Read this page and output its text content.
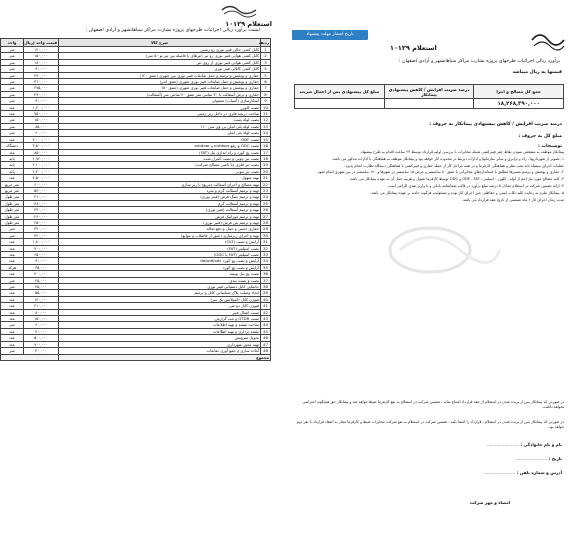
استعلام ۱۰۱۲۹
لیست برآورد ریالی اجرائیات طرحهای پروژه بشارت مراکز سیاهانشهر و آزادی اصفهان :
ردیف	شرح کالا	قیمت واحد (ریال)	واحد
1	کابل کشی خالی فیبر نوری رو زمینی	۱۲۰,۰۰۰	متر
2	کابل کشی هوایی فیبر نوری رو تیر (تیرهای با فاصله بین تیر تو ۵۰ متر)	۱۵۰,۰۰۰	متر
3	کابل کشی هوایی فیبر نوری از روی تیر	۱۸۰,۰۰۰	متر
4	کابل کشی کانالی فیبر نوری	۹۰,۰۰۰	متر
5	حفاری و پوشش و ترمیم و حمل ضایعات فیبر نوری بین شهری (عمق ۱۲۰)	۲۴۰,۰۰۰	متر
6	حفاری و پوشش و حمل ضایعات فیبر نوری شهری (عمق اندر)	۳۱۰,۰۰۰	متر
7	حفاری و پوشش و حمل ضایعات فیبر نوری شهری (عمق ۸۰)	۲۷۵,۰۰۰	متر
8	حفاری و برش آسفالت با ۳۰ سانتی متر عمق ۴۰ سانتی متر (آسفالت)	۲۹۰,۰۰۰	متر
9	آشکارسازی (آسیاب) معمولی	۹۰,۰۰۰	متر
10	نصب کلوزر	۱,۲۰۰,۰۰۰	عدد
11	ساخت دریچه فلزی در داخل زیر زمینی	۷۵۰,۰۰۰	عدد
12	نصب لوله پست	۱۵۰,۰۰۰	متر
13	نصب لوله پلی اتیلن پی وی سی ۱۱۰	۸۵,۰۰۰	متر
14	نصب لوله پلی اتیلن	۶۰,۰۰۰	متر
15	نصب ODF	۲,۰۰۰,۰۰۰	عدد
16	نصب ODC و رفع outdoor و outdoor	۳,۵۰۰,۰۰۰	دستگاه
17	نصب پچ کورد و راه اندازی پنل (FAT)	۸۵۰,۰۰۰	عدد
18	نصب تیر چوبی و نصب کنترل شده	۱,۹۲۰,۰۰۰	پایه
19	نصب تیر فلزی (با تامین مصالح شرکت)	۲,۱۰۰,۰۰۰	پایه
20	نصب تیر بتونی	۲,۴۰۰,۰۰۰	پایه
21	تهیه منهول	۴,۵۰۰,۰۰۰	عدد
22	تهیه مصالح و اجرای آسفالت (مربع) یا زیر سازی	۶۰۰,۰۰۰	متر مربع
23	تهیه و ترمیم آسفالت گرم و سرد	۵۲۰,۰۰۰	متر مربع
24	تهیه و ترمیم سنگ فرش (فیبر نوری)	۲۱۰,۰۰۰	متر طول
25	تهیه و ترمیم آسفالت گرم	۴۸۰,۰۰۰	متر طول
26	تهیه و ترمیم آسفالت (فیبر نوری)	۲۳۰,۰۰۰	متر طول
27	تهیه و ترمیم موزاییک فرش	۲۶۰,۰۰۰	متر طول
28	تهیه و ترمیم بتن فرش (فیبر نوری)	۲۵۰,۰۰۰	متر طول
29	حفاری دستی و حمل و دفع نخاله	۳۲۰,۰۰۰	متر
30	تهیه و اجرای زیرسازی (عبور از فاضلاب و موانع)	۴۲۰,۰۰۰	متر
31	آرایش و نصب (OLT)	۱,۸۰۰,۰۰۰	عدد
32	نصب اسپلیتر (FAT)	۷۰۰,۰۰۰	عدد
33	نصب اسپلیتر (FAT یا ODC)	۶۵۰,۰۰۰	عدد
34	آرایش و نصب پچ کورد fat/odf/odc	۹۰,۰۰۰	عدد
35	آرایش و نصب پچ کورد	۳۵,۰۰۰	هرکد
36	نصب پچ پنل بوبینه	۴۰۰,۰۰۰	عدد
37	نصب و بست بندی	۲۵,۰۰۰	متر
38	جانمایی کابل دستیابی فیبر نوری	۴۵,۰۰۰	متر
39	ایجاد وصلت پلاک شناسایی کابل و ترمیم	۵۵,۰۰۰	عدد
40	فیوژن کابل (اسپلایس یک سر)	۱۲۰,۰۰۰	عدد
41	فیوژن کابل دو سر	۲۱۰,۰۰۰	عدد
42	تست اتصال فیبر	۸۰,۰۰۰	عدد
43	تست OTDR و ثبت گزارش	۱۵۰,۰۰۰	عدد
44	ساخت نقشه و تهیه اطلاعات	۶۰,۰۰۰	متر
45	نقشه برداری و تهیه اطلاعات	۷۰,۰۰۰	عدد
46	تحویل سرویس	۵۰۰,۰۰۰	عدد
47	تهیه مجوز شهرداری	۹۰۰,۰۰۰	عدد
48	آماده سازی و جمع آوری ضایعات	۴۰,۰۰۰	متر
مجموع			
تاریخ انتشار مهلت پیشنهاد
استعلام ۱۰۱۲۹
برآورد ریالی اجرائیات طرحهای پروژه بشارت مراکز سیاهانشهر و آزادی اصفهان :
قیمتها به ریال میباشد
جمع کل مصالح و اجرا	درصد ضریب افزایش / کاهش پیشنهادی پیمانکار	مبلغ کل پیشنهادی پس از اعمال ضریب
۱۸,۲۶۸,۳۹۰,۰۰۰		
درصد ضریب افزایش / کاهش پیشنهادی پیمانکار به حروف :
مبلغ کل به حروف :
توضیحات :

پیمانکار موظف به مشخص نمودن نقاط حفر فیبرکشی شبکه مخابرات با بررسی اولیه قرارداد توسط ۲۴ ساعت اقدام به طرح پیشنهاد.

۱- تصویر از شهرداریها ، راه و ترابری و سایر سازمانها و ادارات ذیربط در محدوده کار خواهد بود و پیمانکار موظف به هماهنگی با ادارات مذکور می باشد.

عملیات اجرای سیفیلد باید تحت نظر و هماهنگی کارفرما و در همه مراحل کار از جمله حفاری و فیبرکشی با هماهنگی دستگاه نظارت انجام پذیرد.

۲- حفاری و پوشش و ترمیم مسیرها مطابق با استانداردهای مخابراتی با عمق ۸۰ سانتیمتر و عرض ۱۵ سانتیمتر در شهرها و ۱۲۰ سانتیمتر در بین شهری انجام شود.

۳- کلیه مصالح مورد نیاز اعم از لوله ، کلوزر ، اسپلیتر ، ODF ، FAT و ODC توسط کارفرما تحویل و هزینه حمل آن به عهده پیمانکار می باشد.

۴- ارائه تضمین شرکت در استعلام معادل ۵ درصد مبلغ برآورد در قالب ضمانتنامه بانکی و یا واریز نقدی الزامی است.

۵- پیمانکار ملزم به رعایت کلیه نکات ایمنی و حفاظتی حین اجرای کار بوده و مسئولیت هرگونه حادثه بر عهده پیمانکار می باشد.

مدت زمان اجرای کار ۶ ماه شمسی از تاریخ عقد قرارداد می باشد.

در صورتی که پیمانکار پس از برنده شدن در استعلام از عقد قرارداد امتناع نماید ، تضمین شرکت در استعلام به نفع کارفرما ضبط خواهد شد و پیمانکار حق هیچگونه اعتراضی نخواهد داشت.
در صورتی که پیمانکار پس از برنده شدن در استعلام ، قرارداد را امضا نکند ، تضمین شرکت در استعلام به نفع شرکت مخابرات ضبط و کارفرما مجاز به انعقاد قرارداد با نفر دوم خواهد بود.
نام و نام خانوادگی : ........................
تاریخ : ........................
آدرس و شماره تلفن : ........................
امضاء و مهر شرکت
